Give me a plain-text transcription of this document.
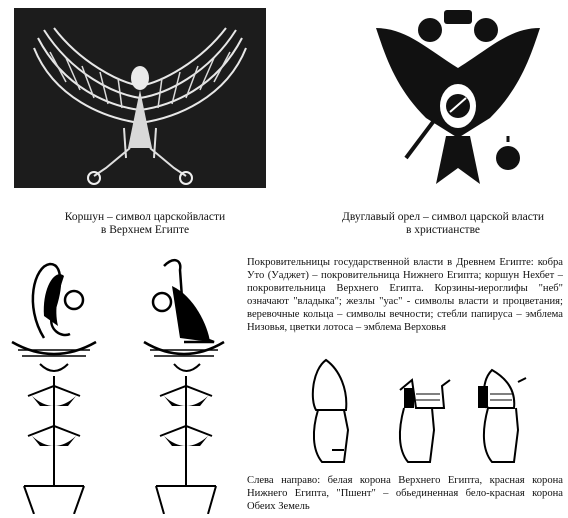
Коршун – символ царскойвласти
в Верхнем Египте
Двуглавый орел – символ царской власти
в христианстве
Покровительницы государственной власти в Древнем Египте: кобра Уто (Уаджет) – покровительница Нижнего Египта; коршун Нехбет – покровительница Верхнего Египта. Корзины-иероглифы "неб" означают "владыка"; жезлы "уас" - символы власти и процветания; веревочные кольца – символы вечности; стебли папируса – эмблема Низовья, цветки лотоса – эмблема Верховья
Слева направо: белая корона Верхнего Египта, красная корона Нижнего Египта, "Пшент" – обьединенная бело-красная корона Обеих Земель
